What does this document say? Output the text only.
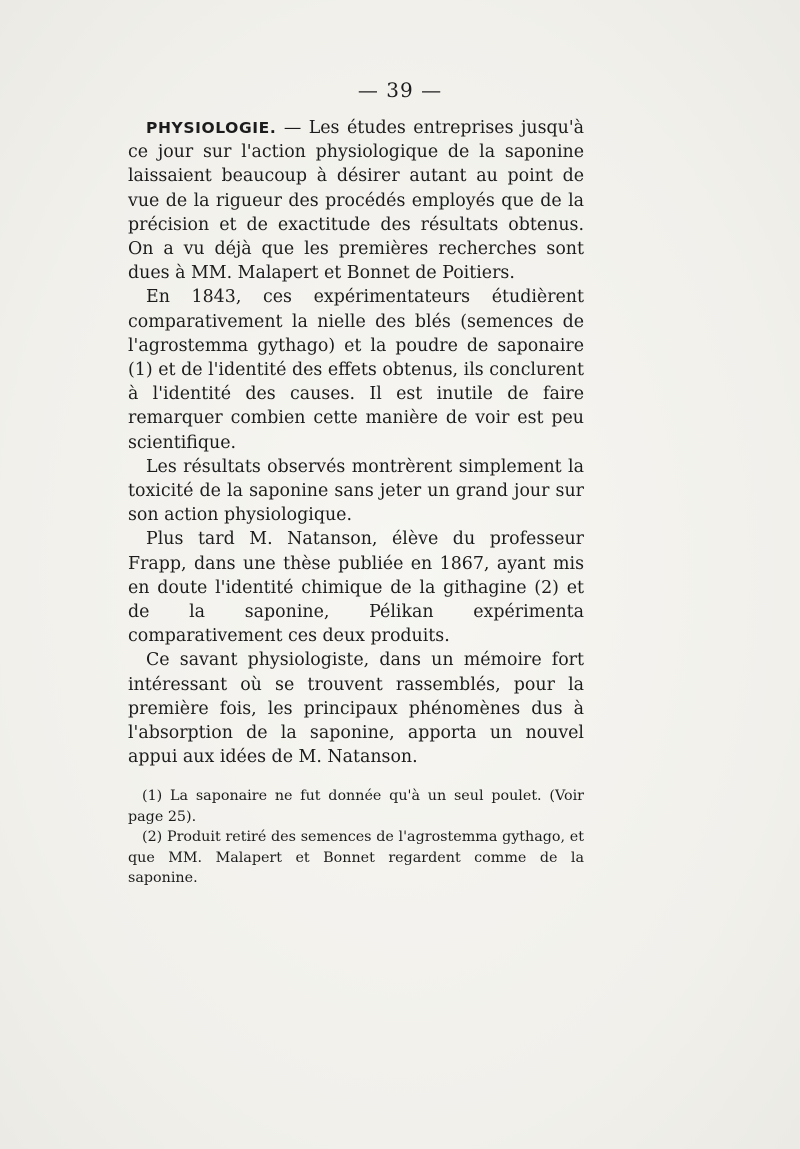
— 39 —

PHYSIOLOGIE. — Les études entreprises jusqu'à ce jour sur l'action physiologique de la saponine laissaient beaucoup à désirer autant au point de vue de la rigueur des procédés employés que de la précision et de exactitude des résultats obtenus. On a vu déjà que les premières recherches sont dues à MM. Malapert et Bonnet de Poitiers.

En 1843, ces expérimentateurs étudièrent comparativement la nielle des blés (semences de l'agrostemma gythago) et la poudre de saponaire (1) et de l'identité des effets obtenus, ils conclurent à l'identité des causes. Il est inutile de faire remarquer combien cette manière de voir est peu scientifique.

Les résultats observés montrèrent simplement la toxicité de la saponine sans jeter un grand jour sur son action physiologique.

Plus tard M. Natanson, élève du professeur Frapp, dans une thèse publiée en 1867, ayant mis en doute l'identité chimique de la githagine (2) et de la saponine, Pélikan expérimenta comparativement ces deux produits.

Ce savant physiologiste, dans un mémoire fort intéressant où se trouvent rassemblés, pour la première fois, les principaux phénomènes dus à l'absorption de la saponine, apporta un nouvel appui aux idées de M. Natanson.

(1) La saponaire ne fut donnée qu'à un seul poulet. (Voir page 25).

(2) Produit retiré des semences de l'agrostemma gythago, et que MM. Malapert et Bonnet regardent comme de la saponine.
